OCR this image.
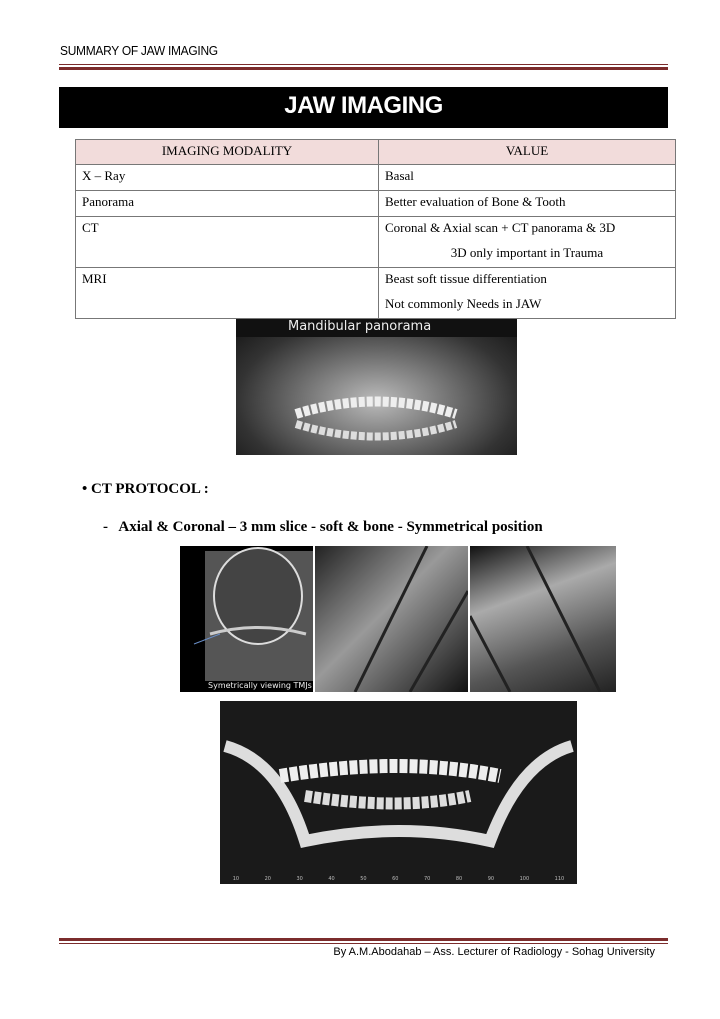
SUMMARY OF JAW IMAGING
JAW IMAGING
IMAGING MODALITY	VALUE
X – Ray	Basal
Panorama	Better evaluation of Bone & Tooth
CT	Coronal & Axial scan + CT panorama & 3D
3D only important in Trauma

MRI	Beast soft tissue differentiation
Not commonly Needs in JAW
Mandibular panorama
• CT PROTOCOL :
-   Axial & Coronal – 3 mm slice - soft & bone - Symmetrical position
Symetrically viewing TMJs
10	20	30	40	50	60	70	80	90	100	110
By A.M.Abodahab – Ass. Lecturer of Radiology - Sohag University
